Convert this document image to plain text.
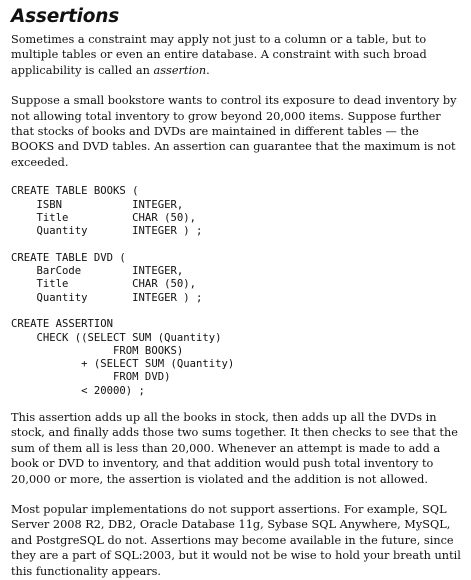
Assertions

Sometimes a constraint may apply not just to a column or a table, but to multiple tables or even an entire database. A constraint with such broad applicability is called an assertion.

Suppose a small bookstore wants to control its exposure to dead inventory by not allowing total inventory to grow beyond 20,000 items. Suppose further that stocks of books and DVDs are maintained in different tables — the BOOKS and DVD tables. An assertion can guarantee that the maximum is not exceeded.

CREATE TABLE BOOKS (
ISBN           INTEGER,
Title          CHAR (50),
Quantity       INTEGER ) ;
CREATE TABLE DVD (
BarCode        INTEGER,
Title          CHAR (50),
Quantity       INTEGER ) ;
CREATE ASSERTION
CHECK ((SELECT SUM (Quantity)
FROM BOOKS)
+ (SELECT SUM (Quantity)
FROM DVD)
< 20000) ;

This assertion adds up all the books in stock, then adds up all the DVDs in stock, and finally adds those two sums together. It then checks to see that the sum of them all is less than 20,000. Whenever an attempt is made to add a book or DVD to inventory, and that addition would push total inventory to 20,000 or more, the assertion is violated and the addition is not allowed.

Most popular implementations do not support assertions. For example, SQL Server 2008 R2, DB2, Oracle Database 11g, Sybase SQL Anywhere, MySQL, and PostgreSQL do not. Assertions may become available in the future, since they are a part of SQL:2003, but it would not be wise to hold your breath until this functionality appears.
